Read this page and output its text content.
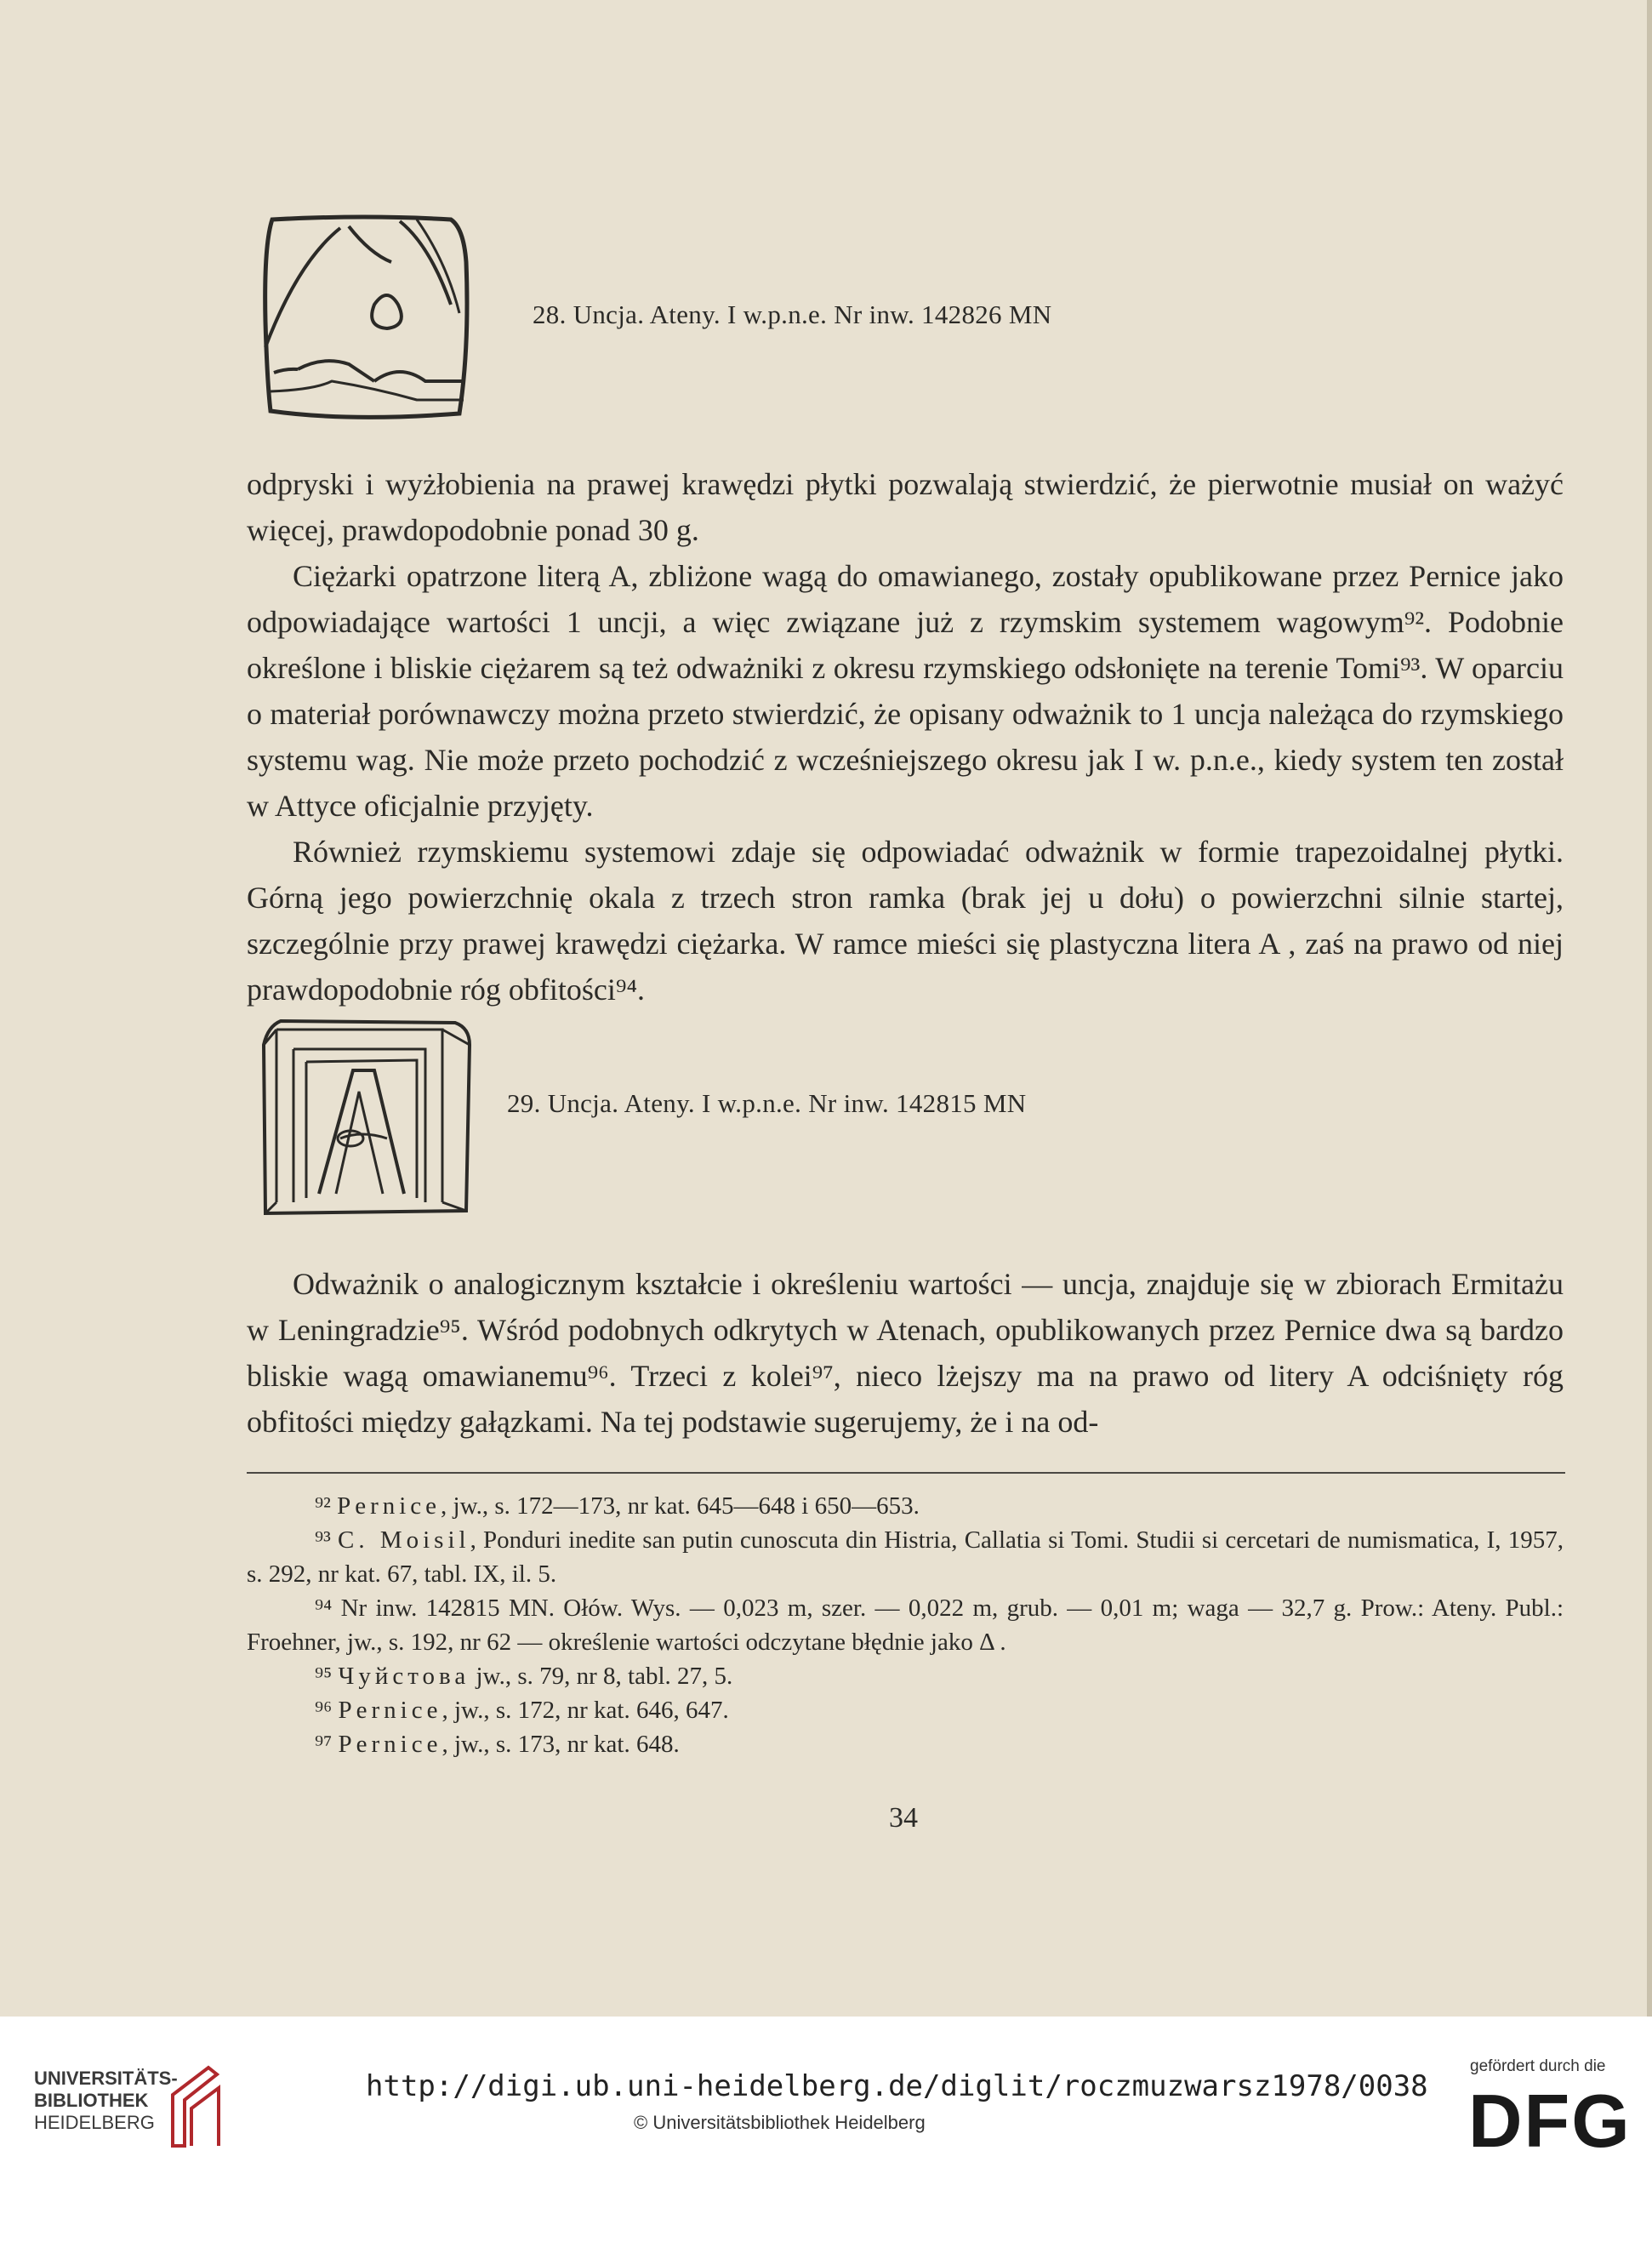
28. Uncja. Ateny. I w.p.n.e. Nr inw. 142826 MN

odpryski i wyżłobienia na prawej krawędzi płytki pozwalają stwierdzić, że pierwotnie musiał on ważyć więcej, prawdopodobnie ponad 30 g.

Ciężarki opatrzone literą A, zbliżone wagą do omawianego, zostały opublikowane przez Pernice jako odpowiadające wartości 1 uncji, a więc związane już z rzymskim systemem wagowym⁹². Podobnie określone i bliskie ciężarem są też odważniki z okresu rzymskiego odsłonięte na terenie Tomi⁹³. W oparciu o materiał porównawczy można przeto stwierdzić, że opisany odważnik to 1 uncja należąca do rzymskiego systemu wag. Nie może przeto pochodzić z wcześniejszego okresu jak I w. p.n.e., kiedy system ten został w Attyce oficjalnie przyjęty.

Również rzymskiemu systemowi zdaje się odpowiadać odważnik w formie trapezoidalnej płytki. Górną jego powierzchnię okala z trzech stron ramka (brak jej u dołu) o powierzchni silnie startej, szczególnie przy prawej krawędzi ciężarka. W ramce mieści się plastyczna litera A , zaś na prawo od niej prawdopodobnie róg obfitości⁹⁴.

29. Uncja. Ateny. I w.p.n.e. Nr inw. 142815 MN

Odważnik o analogicznym kształcie i określeniu wartości — uncja, znajduje się w zbiorach Ermitażu w Leningradzie⁹⁵. Wśród podobnych odkrytych w Atenach, opublikowanych przez Pernice dwa są bardzo bliskie wagą omawianemu⁹⁶. Trzeci z kolei⁹⁷, nieco lżejszy ma na prawo od litery A odciśnięty róg obfitości między gałązkami. Na tej podstawie sugerujemy, że i na od-

⁹² Pernice, jw., s. 172—173, nr kat. 645—648 i 650—653.

⁹³ C. Moisil, Ponduri inedite san putin cunoscuta din Histria, Callatia si Tomi. Studii si cercetari de numismatica, I, 1957, s. 292, nr kat. 67, tabl. IX, il. 5.

⁹⁴ Nr inw. 142815 MN. Ołów. Wys. — 0,023 m, szer. — 0,022 m, grub. — 0,01 m; waga — 32,7 g. Prow.: Ateny. Publ.: Froehner, jw., s. 192, nr 62 — określenie wartości odczytane błędnie jako Δ .

⁹⁵ Чуйстова jw., s. 79, nr 8, tabl. 27, 5.

⁹⁶ Pernice, jw., s. 172, nr kat. 646, 647.

⁹⁷ Pernice, jw., s. 173, nr kat. 648.

34
UNIVERSITÄTS-
BIBLIOTHEK
HEIDELBERG
http://digi.ub.uni-heidelberg.de/diglit/roczmuzwarsz1978/0038
© Universitätsbibliothek Heidelberg
gefördert durch die
DFG
